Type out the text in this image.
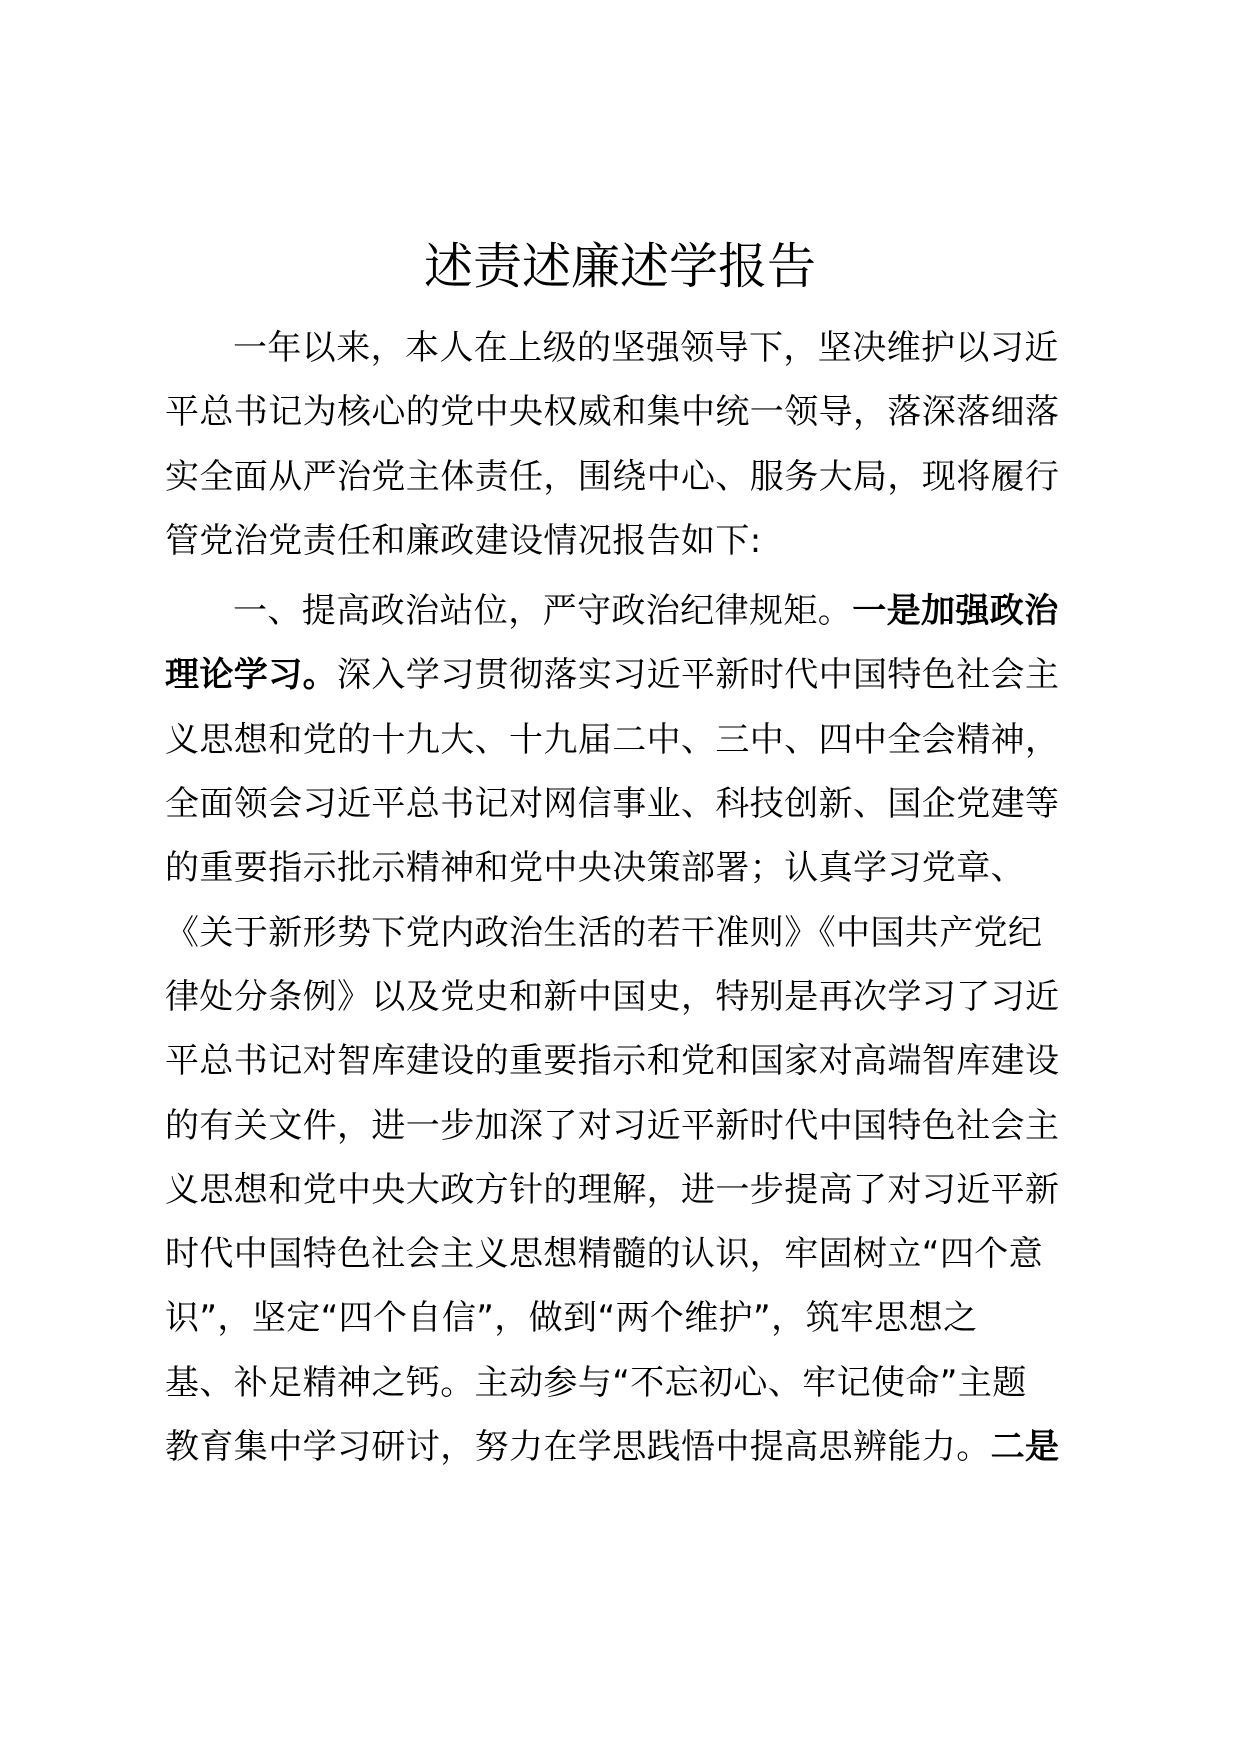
述责述廉述学报告

一年以来，本人在上级的坚强领导下，坚决维护以习近
平总书记为核心的党中央权威和集中统一领导，落深落细落
实全面从严治党主体责任，围绕中心、服务大局，现将履行
管党治党责任和廉政建设情况报告如下:

一、提高政治站位，严守政治纪律规矩。一是加强政治
理论学习。深入学习贯彻落实习近平新时代中国特色社会主
义思想和党的十九大、十九届二中、三中、四中全会精神，
全面领会习近平总书记对网信事业、科技创新、国企党建等
的重要指示批示精神和党中央决策部署；认真学习党章、
《关于新形势下党内政治生活的若干准则》《中国共产党纪
律处分条例》以及党史和新中国史，特别是再次学习了习近
平总书记对智库建设的重要指示和党和国家对高端智库建设
的有关文件，进一步加深了对习近平新时代中国特色社会主
义思想和党中央大政方针的理解，进一步提高了对习近平新
时代中国特色社会主义思想精髓的认识，牢固树立“四个意
识”，坚定“四个自信”，做到“两个维护”，筑牢思想之
基、补足精神之钙。主动参与“不忘初心、牢记使命”主题
教育集中学习研讨，努力在学思践悟中提高思辨能力。二是
